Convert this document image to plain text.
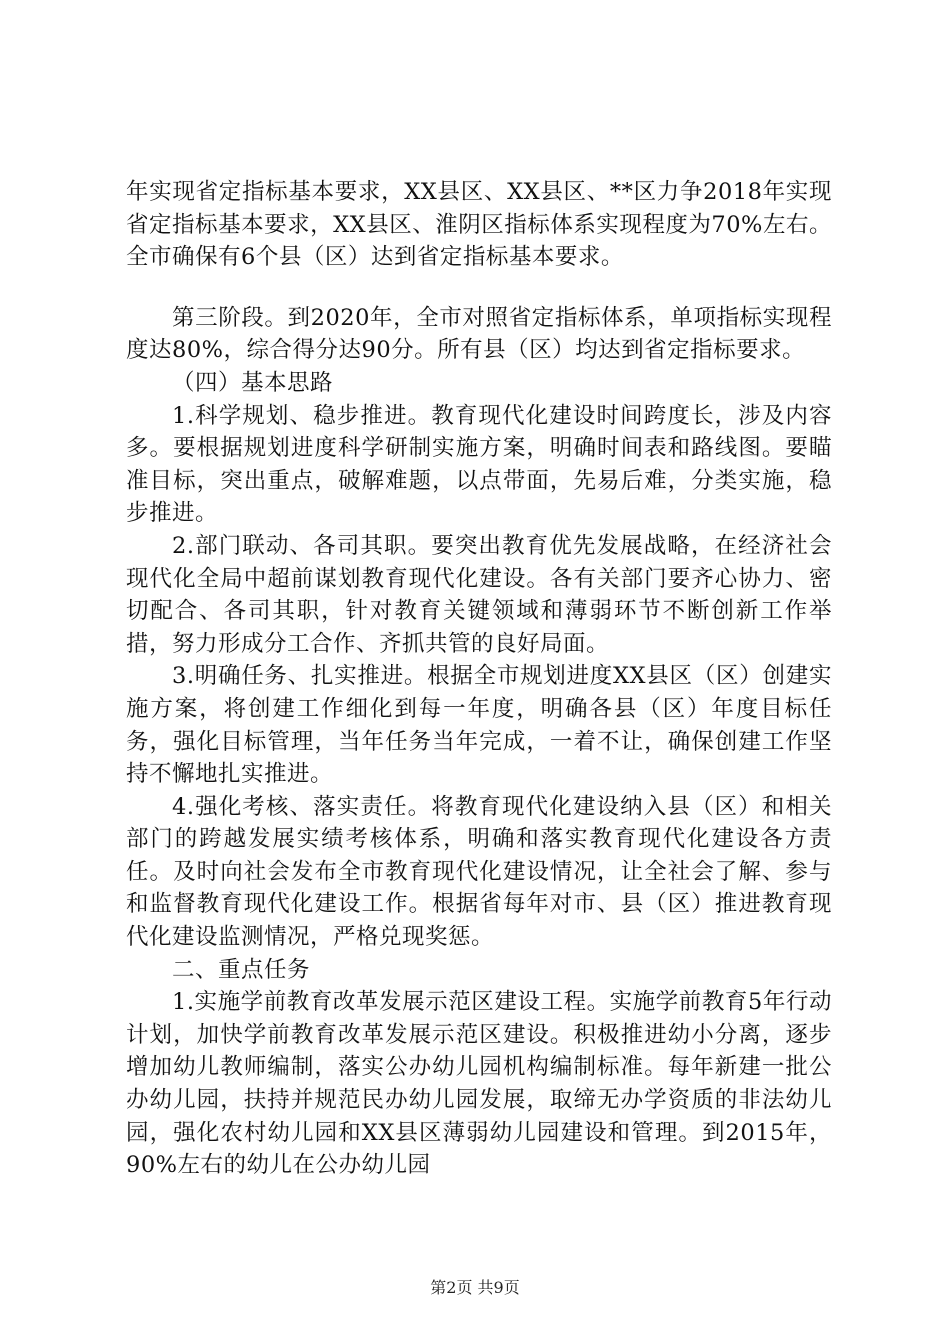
年实现省定指标基本要求，XX县区、XX县区、**区力争2018年实现省定指标基本要求，XX县区、淮阴区指标体系实现程度为70%左右。全市确保有6个县（区）达到省定指标基本要求。

第三阶段。到2020年，全市对照省定指标体系，单项指标实现程度达80%，综合得分达90分。所有县（区）均达到省定指标要求。

（四）基本思路

1.科学规划、稳步推进。教育现代化建设时间跨度长，涉及内容多。要根据规划进度科学研制实施方案，明确时间表和路线图。要瞄准目标，突出重点，破解难题，以点带面，先易后难，分类实施，稳步推进。

2.部门联动、各司其职。要突出教育优先发展战略，在经济社会现代化全局中超前谋划教育现代化建设。各有关部门要齐心协力、密切配合、各司其职，针对教育关键领域和薄弱环节不断创新工作举措，努力形成分工合作、齐抓共管的良好局面。

3.明确任务、扎实推进。根据全市规划进度XX县区（区）创建实施方案，将创建工作细化到每一年度，明确各县（区）年度目标任务，强化目标管理，当年任务当年完成，一着不让，确保创建工作坚持不懈地扎实推进。

4.强化考核、落实责任。将教育现代化建设纳入县（区）和相关部门的跨越发展实绩考核体系，明确和落实教育现代化建设各方责任。及时向社会发布全市教育现代化建设情况，让全社会了解、参与和监督教育现代化建设工作。根据省每年对市、县（区）推进教育现代化建设监测情况，严格兑现奖惩。

二、重点任务

1.实施学前教育改革发展示范区建设工程。实施学前教育5年行动计划，加快学前教育改革发展示范区建设。积极推进幼小分离，逐步增加幼儿教师编制，落实公办幼儿园机构编制标准。每年新建一批公办幼儿园，扶持并规范民办幼儿园发展，取缔无办学资质的非法幼儿园，强化农村幼儿园和XX县区薄弱幼儿园建设和管理。到2015年，90%左右的幼儿在公办幼儿园

第2页 共9页
